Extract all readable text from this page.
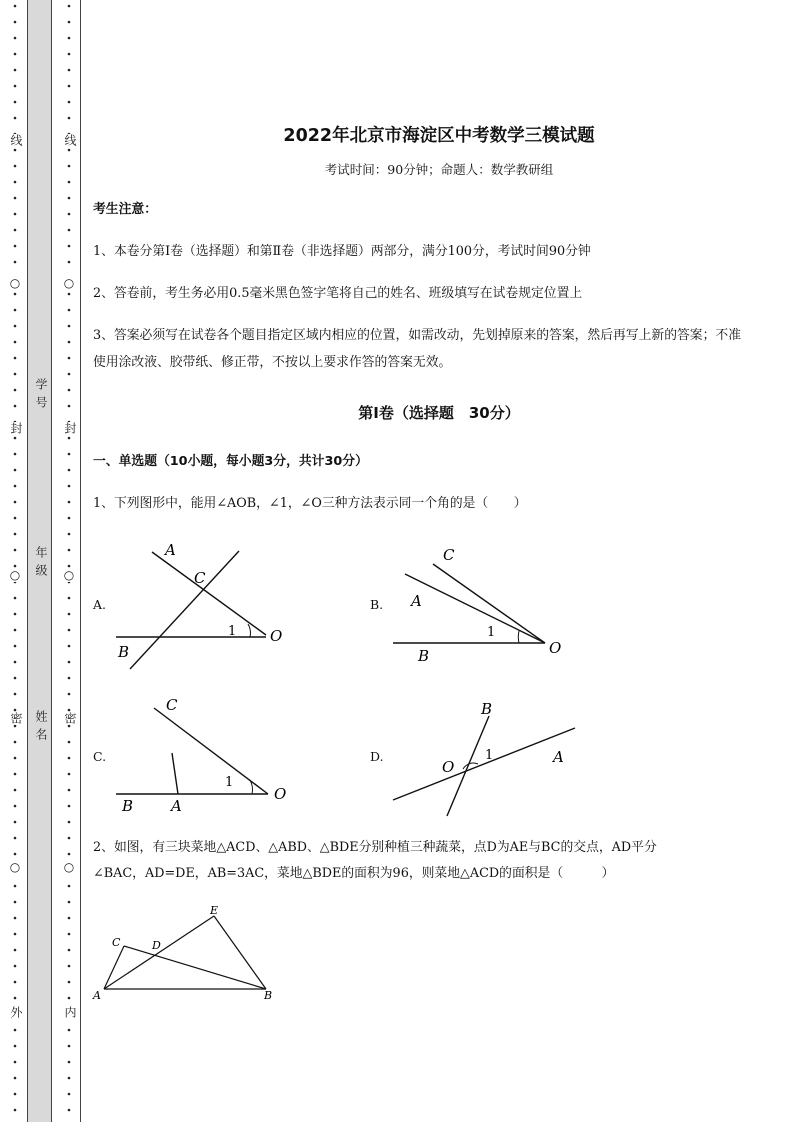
线
封
密
外
○
○
○
学号
年级
姓名
线
封
密
内
○
○
○
2022年北京市海淀区中考数学三模试题
考试时间：90分钟；命题人：数学教研组
考生注意：
1、本卷分第I卷（选择题）和第Ⅱ卷（非选择题）两部分，满分100分，考试时间90分钟
2、答卷前，考生务必用0.5毫米黑色签字笔将自己的姓名、班级填写在试卷规定位置上
3、答案必须写在试卷各个题目指定区域内相应的位置，如需改动，先划掉原来的答案，然后再写上新的答案；不准使用涂改液、胶带纸、修正带，不按以上要求作答的答案无效。
第I卷（选择题　30分）
一、单选题（10小题，每小题3分，共计30分）
1、下列图形中，能用∠AOB，∠1，∠O三种方法表示同一个角的是（　　）
A.
A
C
1 O
B
B.
C
A
1
O
B
C.
C
1
O
B	A
D.
B
1
O
A
2、如图，有三块菜地△ACD、△ABD、△BDE分别种植三种蔬菜，点D为AE与BC的交点，AD平分
∠BAC，AD=DE，AB=3AC，菜地△BDE的面积为96，则菜地△ACD的面积是（　　　）
E
C	D
A	B
